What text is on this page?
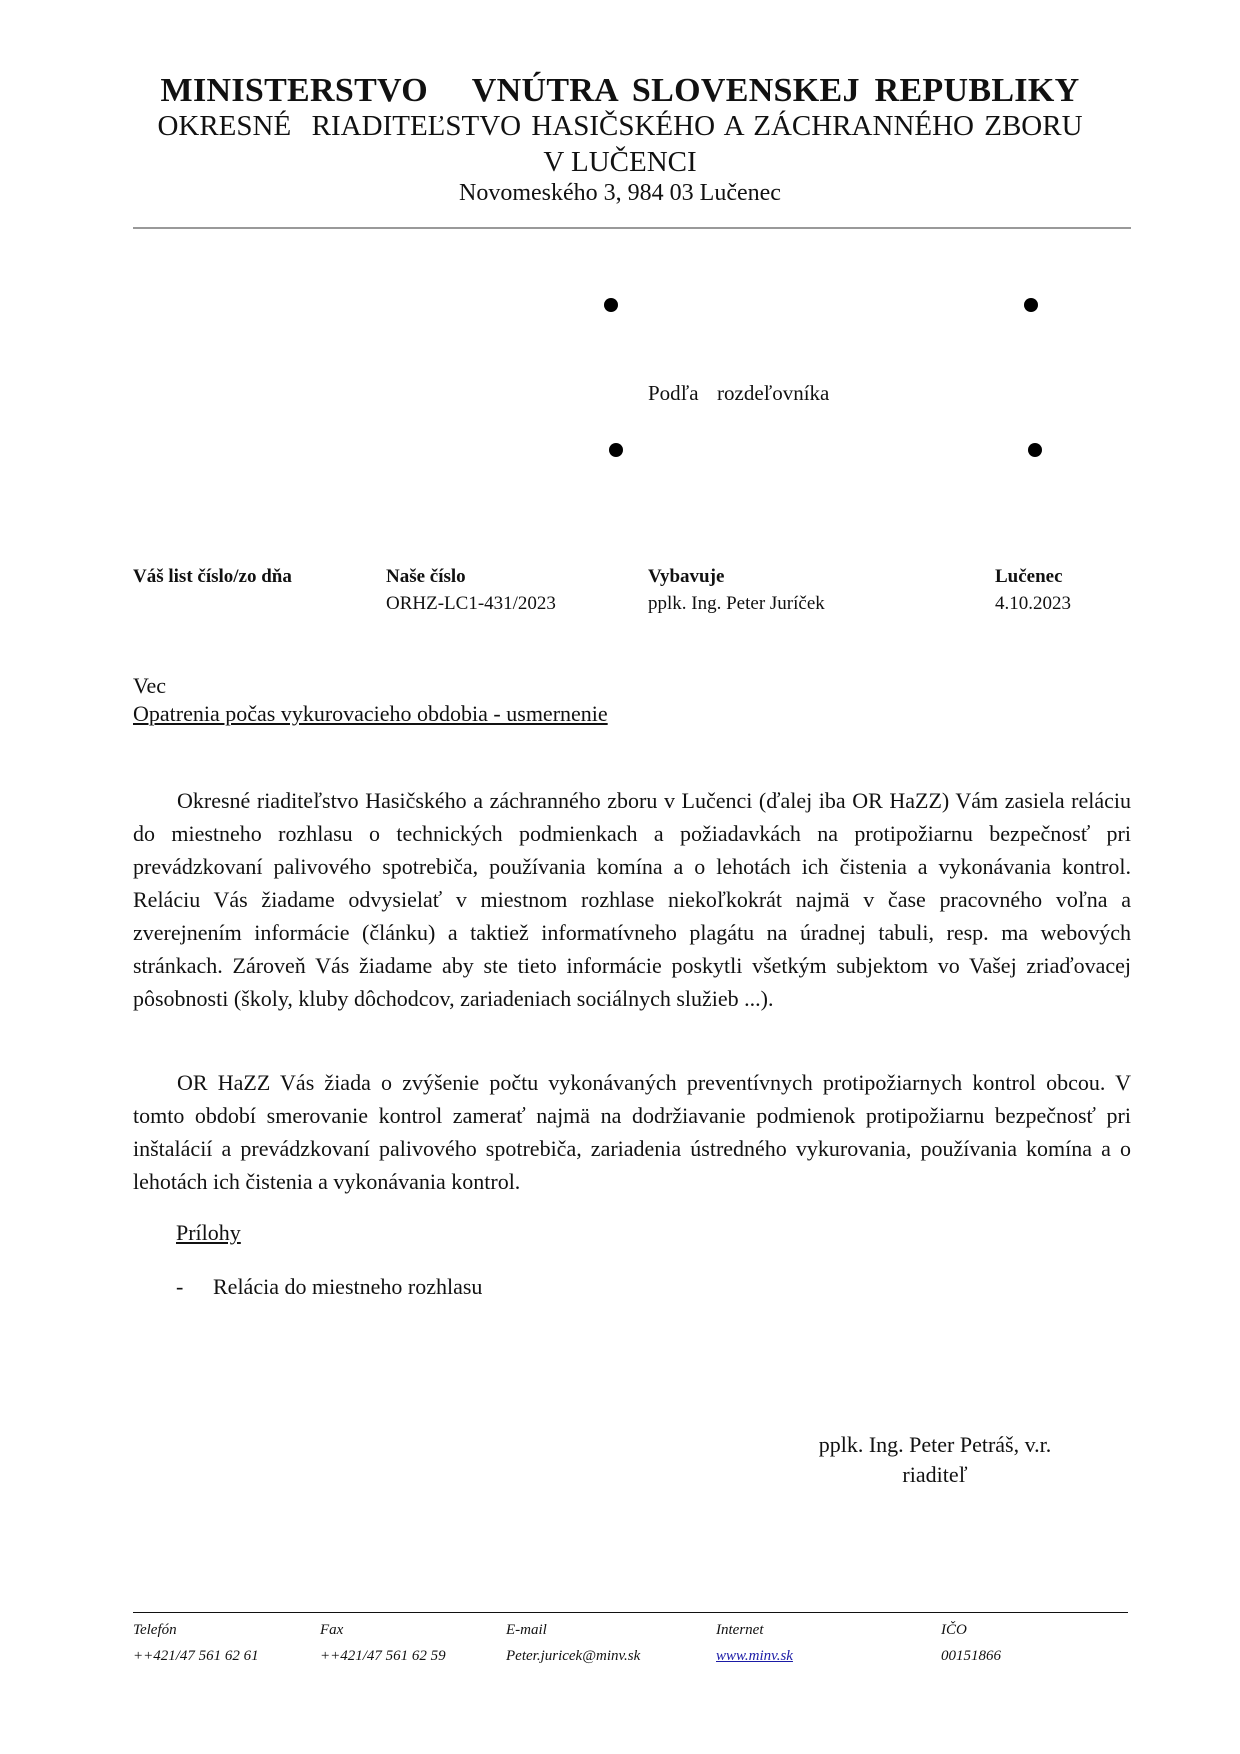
MINISTERSTVO   VNÚTRA SLOVENSKEJ REPUBLIKY
OKRESNÉ  RIADITEĽSTVO HASIČSKÉHO A ZÁCHRANNÉHO ZBORU
V LUČENCI
Novomeského 3, 984 03 Lučenec
Podľa  rozdeľovníka
Váš list číslo/zo dňa	Naše číslo
ORHZ-LC1-431/2023
Vybavuje
pplk. Ing. Peter Juríček
Lučenec
4.10.2023
Vec
Opatrenia počas vykurovacieho obdobia - usmernenie

Okresné riaditeľstvo Hasičského a záchranného zboru v Lučenci (ďalej iba OR HaZZ) Vám zasiela reláciu do miestneho rozhlasu o technických podmienkach a požiadavkách na protipožiarnu bezpečnosť pri prevádzkovaní palivového spotrebiča, používania komína a o lehotách ich čistenia a vykonávania kontrol. Reláciu Vás žiadame odvysielať v miestnom rozhlase niekoľkokrát najmä v čase pracovného voľna a zverejnením informácie (článku) a taktiež informatívneho plagátu na úradnej tabuli, resp. ma webových stránkach. Zároveň Vás žiadame aby ste tieto informácie poskytli všetkým subjektom vo Vašej zriaďovacej pôsobnosti (školy, kluby dôchodcov, zariadeniach sociálnych služieb ...).

OR HaZZ Vás žiada o zvýšenie počtu vykonávaných preventívnych protipožiarnych kontrol obcou. V tomto období smerovanie kontrol zamerať najmä na dodržiavanie podmienok protipožiarnu bezpečnosť pri inštalácií a prevádzkovaní palivového spotrebiča, zariadenia ústredného vykurovania, používania komína a o lehotách ich čistenia a vykonávania kontrol.

Prílohy
- Relácia do miestneho rozhlasu
pplk. Ing. Peter Petráš, v.r.
riaditeľ
Telefón
++421/47 561 62 61
Fax
++421/47 561 62 59
E-mail
Peter.juricek@minv.sk
Internet
www.minv.sk
IČO
00151866
